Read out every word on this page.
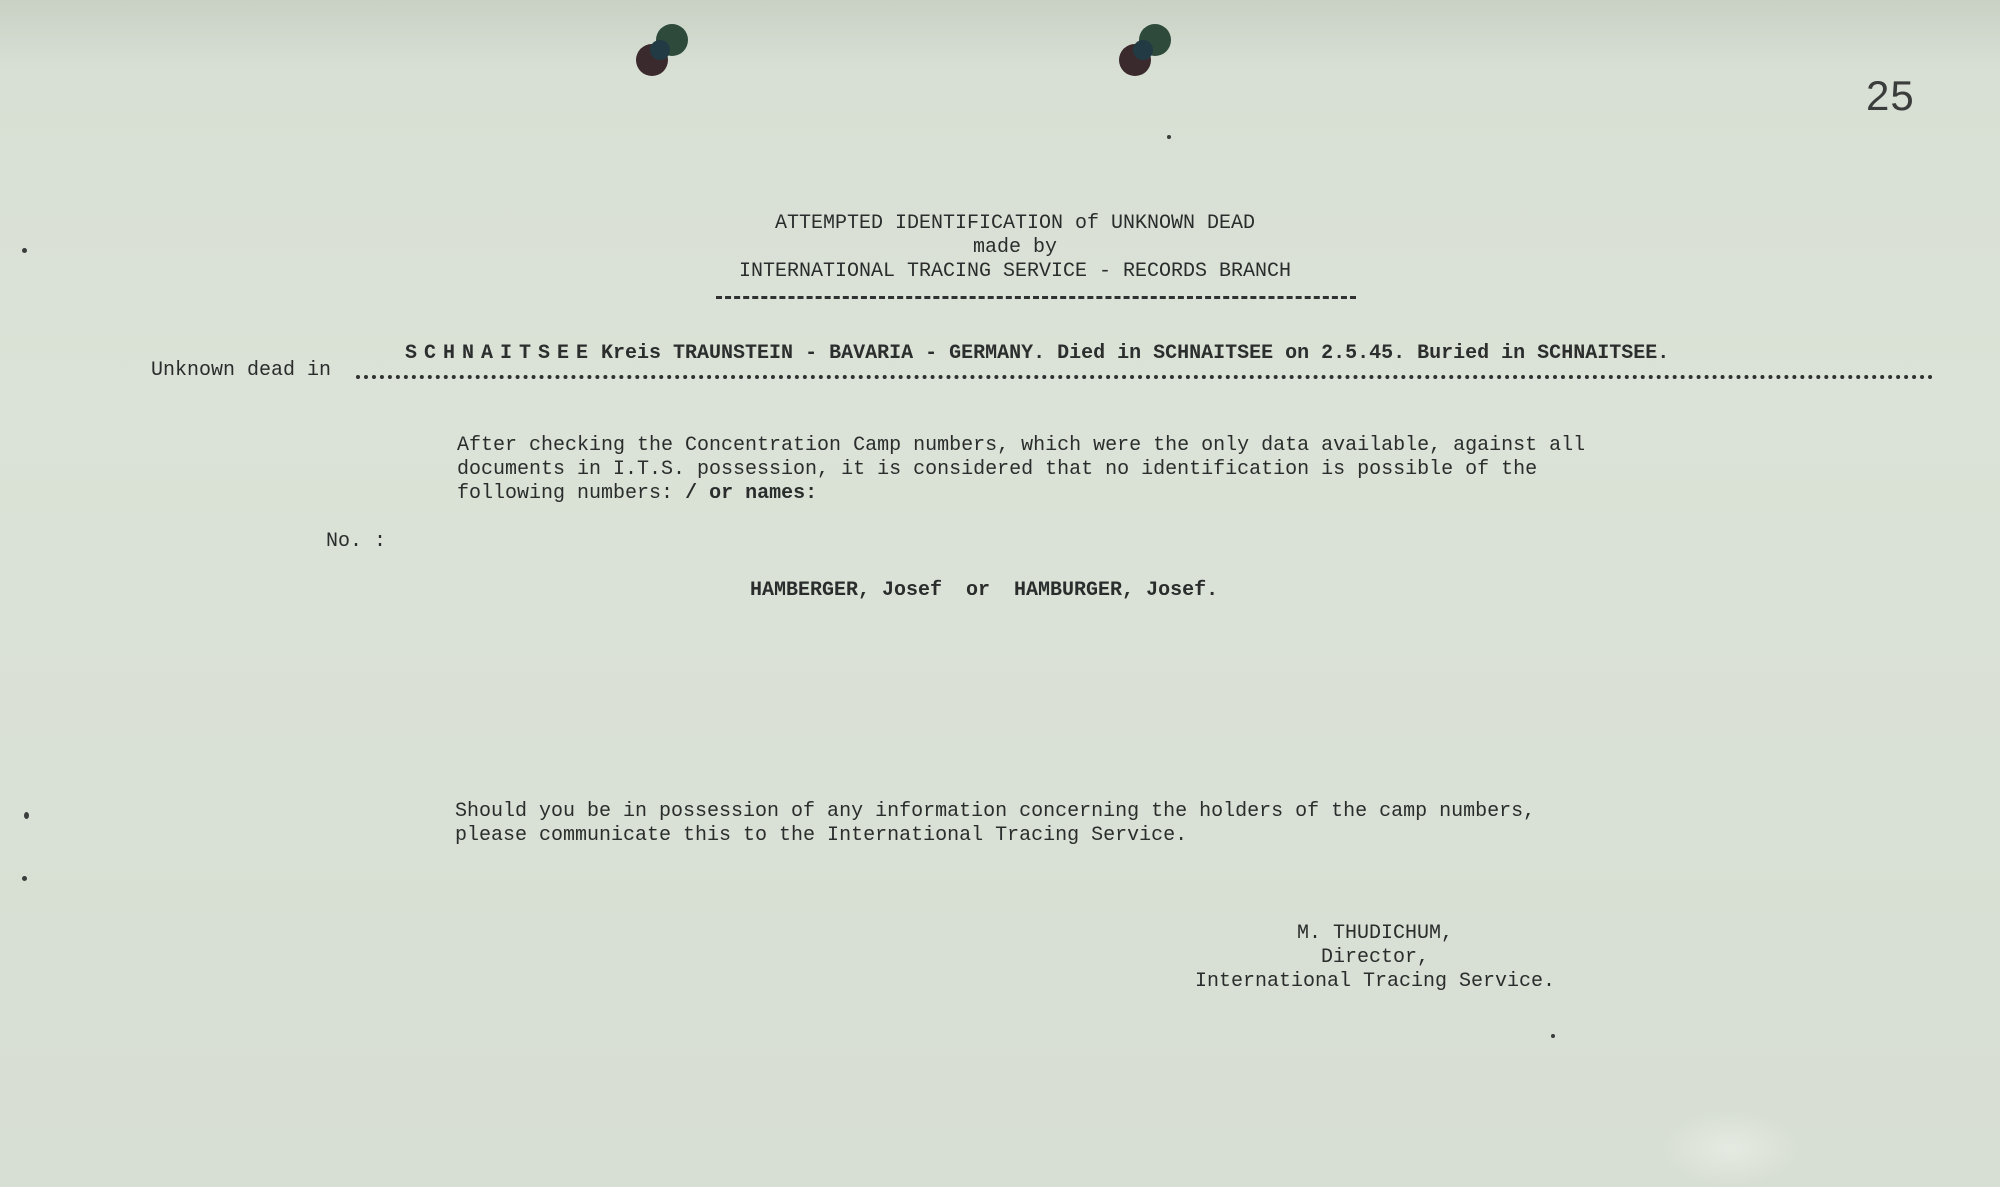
25
ATTEMPTED IDENTIFICATION of UNKNOWN DEAD
made by
INTERNATIONAL TRACING SERVICE - RECORDS BRANCH
Unknown dead in
SCHNAITSEE Kreis TRAUNSTEIN - BAVARIA - GERMANY. Died in SCHNAITSEE on 2.5.45. Buried in SCHNAITSEE.
After checking the Concentration Camp numbers, which were the only data available, against all
documents in I.T.S. possession, it is considered that no identification is possible of the
following numbers: / or names:
No. :
HAMBERGER, Josef  or  HAMBURGER, Josef.
Should you be in possession of any information concerning the holders of the camp numbers,
please communicate this to the International Tracing Service.
M. THUDICHUM,
Director,
International Tracing Service.
